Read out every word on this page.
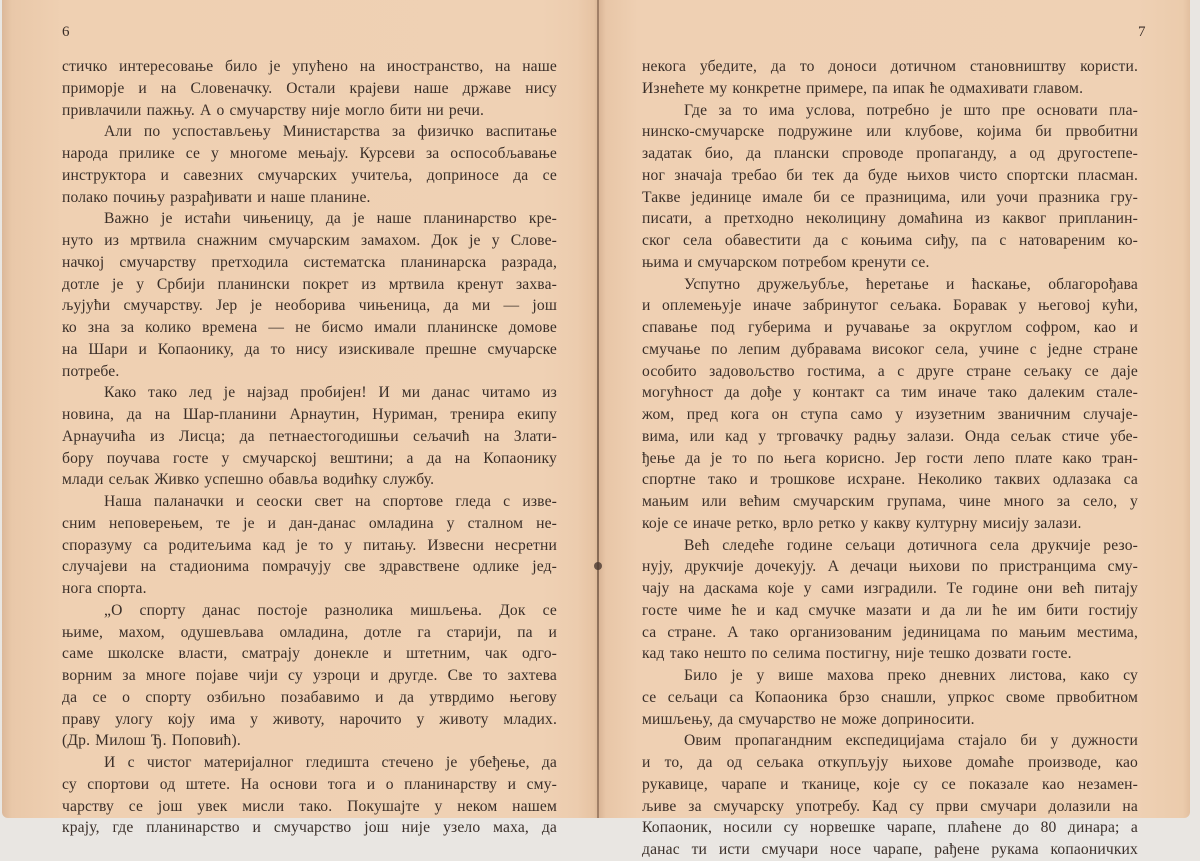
6
стичко интересовање било је упућено на иностранство, на наше
приморје и на Словеначку. Остали крајеви наше државе нису
привлачили пажњу. А о смучарству није могло бити ни речи.
Али по успостављењу Министарства за физичко васпитање
народа прилике се у многоме мењају. Курсеви за оспособљавање
инструктора и савезних смучарских учитеља, доприносе да се
полако почињу разрађивати и наше планине.
Важно је истаћи чињеницу, да је наше планинарство кре-
нуто из мртвила снажним смучарским замахом. Док је у Слове-
начкој смучарству претходила систематска планинарска разрада,
дотле је у Србији планински покрет из мртвила кренут захва-
љујући смучарству. Јер је необорива чињеница, да ми — још
ко зна за колико времена — не бисмо имали планинске домове
на Шари и Копаонику, да то нису изискивале прешне смучарске
потребе.
Како тако лед је најзад пробијен! И ми данас читамо из
новина, да на Шар-планини Арнаутин, Нуриман, тренира екипу
Арнаучића из Лисца; да петнаестогодишњи сељачић на Злати-
бору поучава госте у смучарској вештини; а да на Копаонику
млади сељак Живко успешно обавља водићку службу.
Наша паланачки и сеоски свет на спортове гледа с изве-
сним неповерењем, те је и дан-данас омладина у сталном не-
споразуму са родитељима кад је то у питању. Извесни несретни
случајеви на стадионима помрачују све здравствене одлике јед-
нога спорта.
„О спорту данас постоје разнолика мишљења. Док се
њиме, махом, одушевљава омладина, дотле га старији, па и
саме школске власти, сматрају донекле и штетним, чак одго-
ворним за многе појаве чији су узроци и другде. Све то захтева
да се о спорту озбиљно позабавимо и да утврдимо његову
праву улогу коју има у животу, нарочито у животу младих.
(Др. Милош Ђ. Поповић).
И с чистог материјалног гледишта стечено је убеђење, да
су спортови од штете. На основи тога и о планинарству и сму-
чарству се још увек мисли тако. Покушајте у неком нашем
крају, где планинарство и смучарство још није узело маха, да
7
некога убедите, да то доноси дотичном становништву користи.
Изнећете му конкретне примере, па ипак ће одмахивати главом.
Где за то има услова, потребно је што пре основати пла-
нинско-смучарске подружине или клубове, којима би првобитни
задатак био, да плански спроводе пропаганду, а од другостепе-
ног значаја требао би тек да буде њихов чисто спортски пласман.
Такве јединице имале би се празницима, или уочи празника гру-
писати, а претходно неколицину домаћина из каквог припланин-
ског села обавестити да с коњима сиђу, па с натовареним ко-
њима и смучарском потребом кренути се.
Успутно дружељубље, ћеретање и ћаскање, облагорођава
и оплемењује иначе забринутог сељака. Боравак у његовој кући,
спавање под губерима и ручавање за округлом софром, као и
смучање по лепим дубравама високог села, учине с једне стране
особито задовољство гостима, а с друге стране сељаку се даје
могућност да дође у контакт са тим иначе тако далеким стале-
жом, пред кога он ступа само у изузетним званичним случаје-
вима, или кад у трговачку радњу залази. Онда сељак стиче убе-
ђење да је то по њега корисно. Јер гости лепо плате како тран-
спортне тако и трошкове исхране. Неколико таквих одлазака са
мањим или већим смучарским групама, чине много за село, у
које се иначе ретко, врло ретко у какву културну мисију залази.
Већ следеће године сељаци дотичнога села друкчије резо-
нују, друкчије дочекују. А дечаци њихови по пристранцима сму-
чају на даскама које у сами изградили. Те године они већ питају
госте чиме ће и кад смучке мазати и да ли ће им бити гостију
са стране. А тако организованим јединицама по мањим местима,
кад тако нешто по селима постигну, није тешко дозвати госте.
Било је у више махова преко дневних листова, како су
се сељаци са Копаоника брзо снашли, упркос своме првобитном
мишљењу, да смучарство не може доприносити.
Овим пропагандним експедицијама стајало би у дужности
и то, да од сељака откупљују њихове домаће производе, као
рукавице, чарапе и тканице, које су се показале као незамен-
љиве за смучарску употребу. Кад су први смучари долазили на
Копаоник, носили су норвешке чарапе, плаћене до 80 динара; а
данас ти исти смучари носе чарапе, рађене рукама копаоничких
